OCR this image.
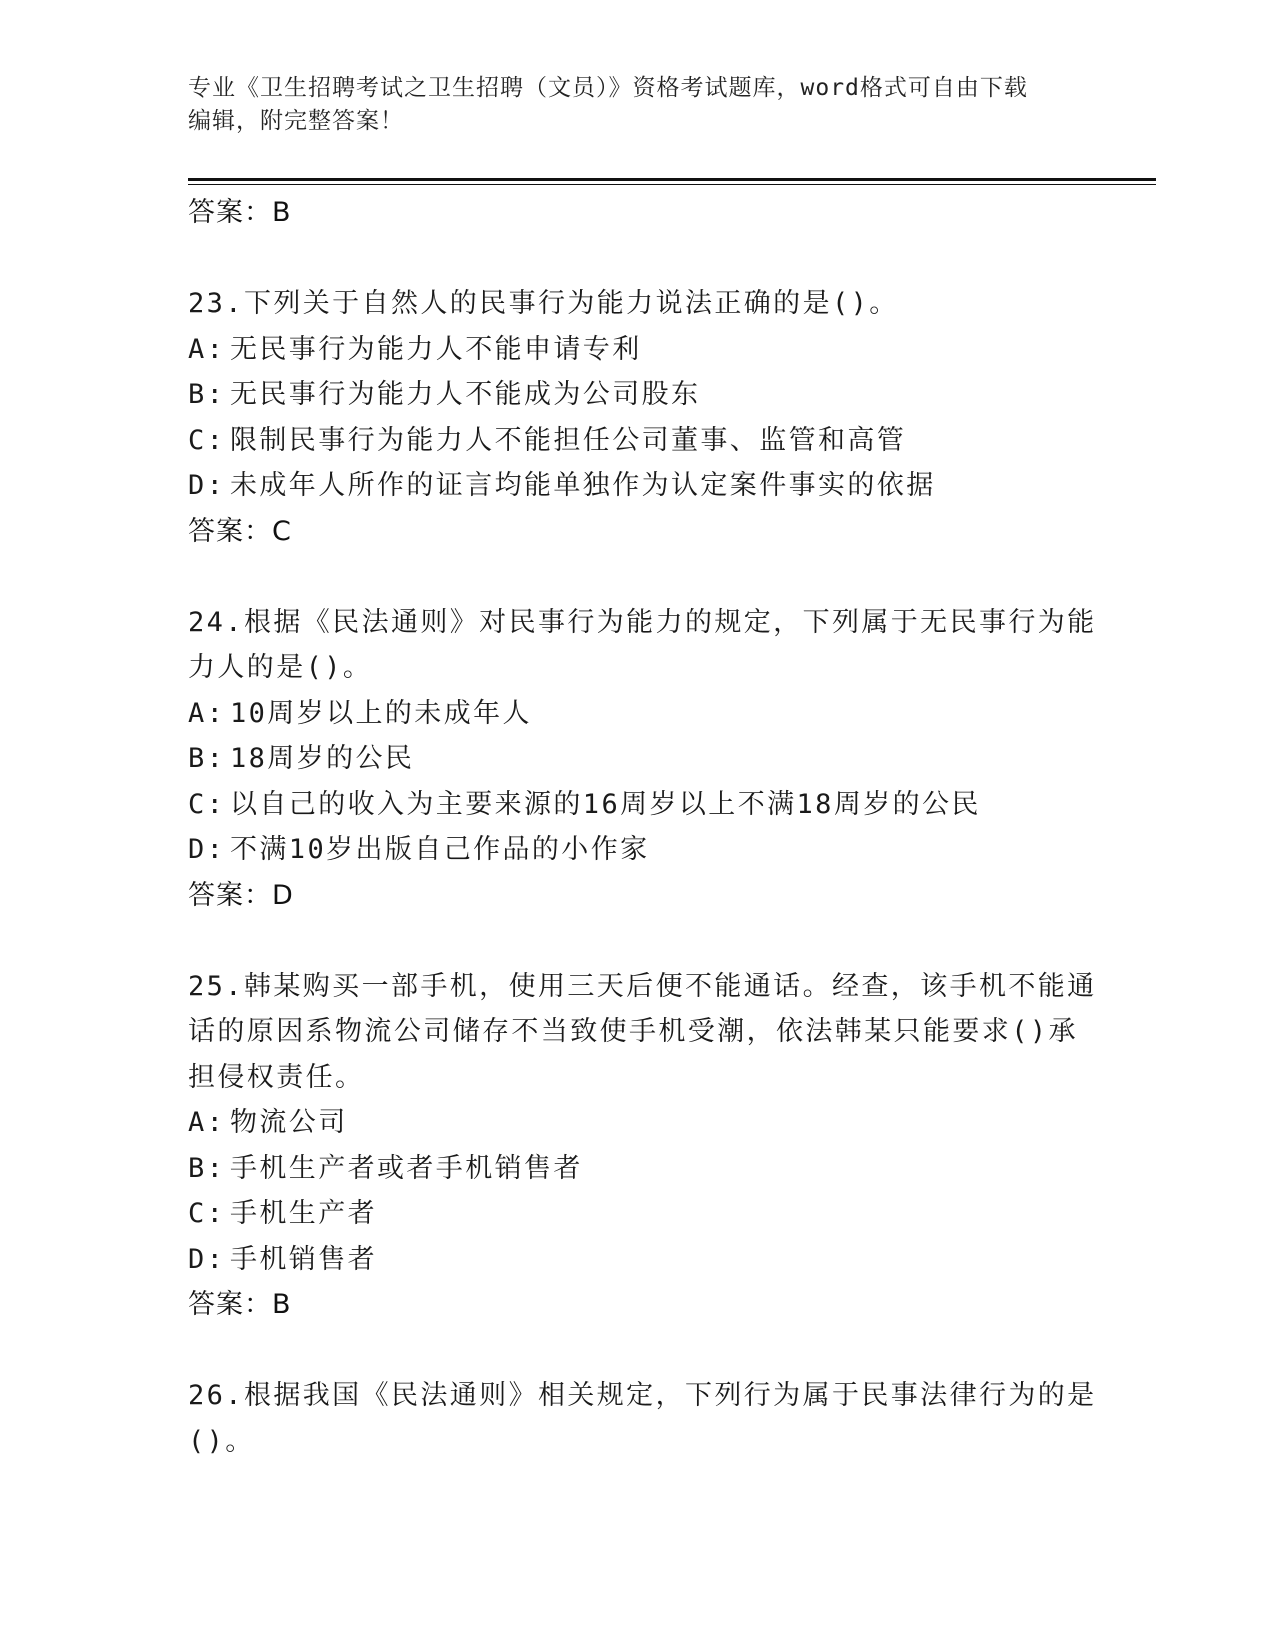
专业《卫生招聘考试之卫生招聘（文员）》资格考试题库，word格式可自由下载
编辑，附完整答案！
答案：B
23.下列关于自然人的民事行为能力说法正确的是()。
A: 无民事行为能力人不能申请专利
B: 无民事行为能力人不能成为公司股东
C: 限制民事行为能力人不能担任公司董事、监管和高管
D: 未成年人所作的证言均能单独作为认定案件事实的依据
答案：C
24.根据《民法通则》对民事行为能力的规定，下列属于无民事行为能
力人的是()。
A: 10周岁以上的未成年人
B: 18周岁的公民
C: 以自己的收入为主要来源的16周岁以上不满18周岁的公民
D: 不满10岁出版自己作品的小作家
答案：D
25.韩某购买一部手机，使用三天后便不能通话。经查，该手机不能通
话的原因系物流公司储存不当致使手机受潮，依法韩某只能要求()承
担侵权责任。
A: 物流公司
B: 手机生产者或者手机销售者
C: 手机生产者
D: 手机销售者
答案：B
26.根据我国《民法通则》相关规定，下列行为属于民事法律行为的是
()。
